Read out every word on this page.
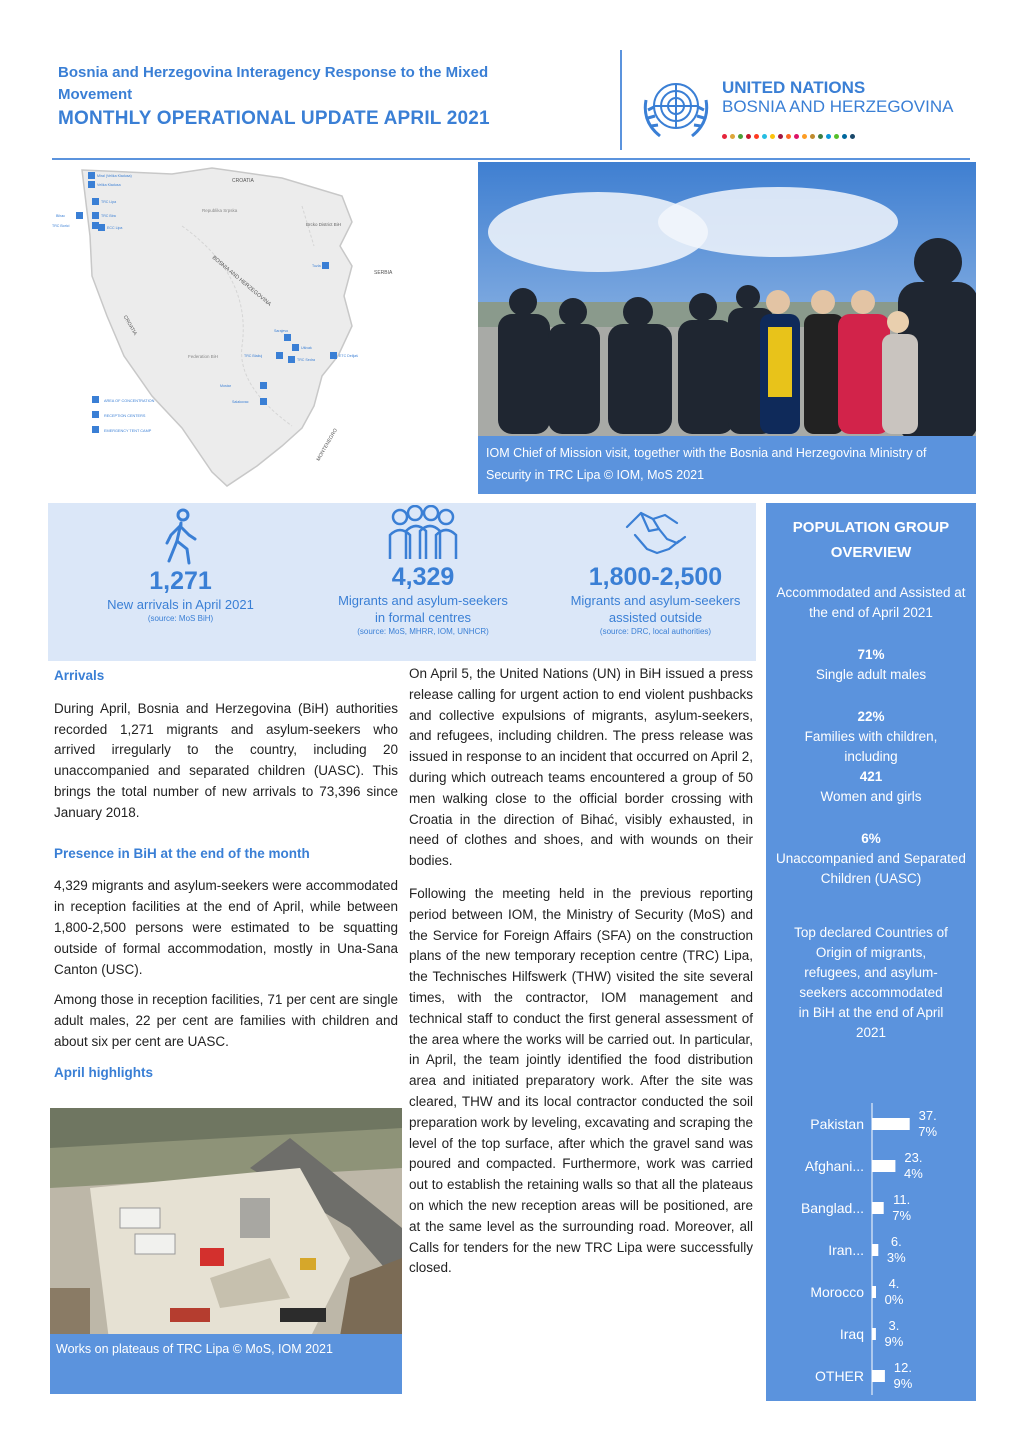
Bosnia and Herzegovina Interagency Response to the Mixed Movement
MONTHLY OPERATIONAL UPDATE APRIL 2021
UNITED NATIONS
BOSNIA AND HERZEGOVINA
CROATIA
CROATIA
SERBIA
MONTENEGRO
BOSNIA AND HERZEGOVINA
Republika Srpska
Federation BiH
Brcko District BiH
Miral (Velika Kladusa)
Velika Kladusa
TRC Lipa
TRC Bira
Bihac
TRC Borici	ECC Lipa
Tuzla
Sarajevo
Ušivak
TRC Blažuj
TRC Sedra
ETC Delijaš
Mostar
Salakovac
AREA OF CONCENTRATION
RECEPTION CENTERS
EMERGENCY TENT CAMP
IOM Chief of Mission visit, together with the Bosnia and Herzegovina Ministry of Security in TRC Lipa © IOM, MoS 2021
1,271
New arrivals in April 2021
(source: MoS BiH)
4,329
Migrants and asylum-seekers in formal centres
(source: MoS, MHRR, IOM, UNHCR)
1,800-2,500
Migrants and asylum-seekers assisted outside
(source: DRC, local authorities)
POPULATION GROUP OVERVIEW
Accommodated and Assisted at the end of April 2021
71%
Single adult males
22%
Families with children, including
421
Women and girls
6%
Unaccompanied and Separated Children (UASC)
Top declared Countries of Origin of migrants, refugees, and asylum-seekers accommodated in BiH at the end of April 2021
Pakistan
37.
7%
Afghani...
23.
4%
Banglad...
11.
7%
Iran...
6.
3%
Morocco
4.
0%
Iraq
3.
9%
OTHER
12.
9%
Arrivals

During April, Bosnia and Herzegovina (BiH) authorities recorded 1,271 migrants and asylum-seekers who arrived irregularly to the country, including 20 unaccompanied and separated children (UASC). This brings the total number of new arrivals to 73,396 since January 2018.

Presence in BiH at the end of the month

4,329 migrants and asylum-seekers were accommodated in reception facilities at the end of April, while between 1,800-2,500 persons were estimated to be squatting outside of formal accommodation, mostly in Una-Sana Canton (USC).

Among those in reception facilities, 71 per cent are single adult males, 22 per cent are families with children and about six per cent are UASC.

April highlights
Works on plateaus of TRC Lipa © MoS, IOM 2021

On April 5, the United Nations (UN) in BiH issued a press release calling for urgent action to end violent pushbacks and collective expulsions of migrants, asylum-seekers, and refugees, including children. The press release was issued in response to an incident that occurred on April 2, during which outreach teams encountered a group of 50 men walking close to the official border crossing with Croatia in the direction of Bihać, visibly exhausted, in need of clothes and shoes, and with wounds on their bodies.

Following the meeting held in the previous reporting period between IOM, the Ministry of Security (MoS) and the Service for Foreign Affairs (SFA) on the construction plans of the new temporary reception centre (TRC) Lipa, the Technisches Hilfswerk (THW) visited the site several times, with the contractor, IOM management and technical staff to conduct the first general assessment of the area where the works will be carried out. In particular, in April, the team jointly identified the food distribution area and initiated preparatory work. After the site was cleared, THW and its local contractor conducted the soil preparation work by leveling, excavating and scraping the level of the top surface, after which the gravel sand was poured and compacted. Furthermore, work was carried out to establish the retaining walls so that all the plateaus on which the new reception areas will be positioned, are at the same level as the surrounding road. Moreover, all Calls for tenders for the new TRC Lipa were successfully closed.
